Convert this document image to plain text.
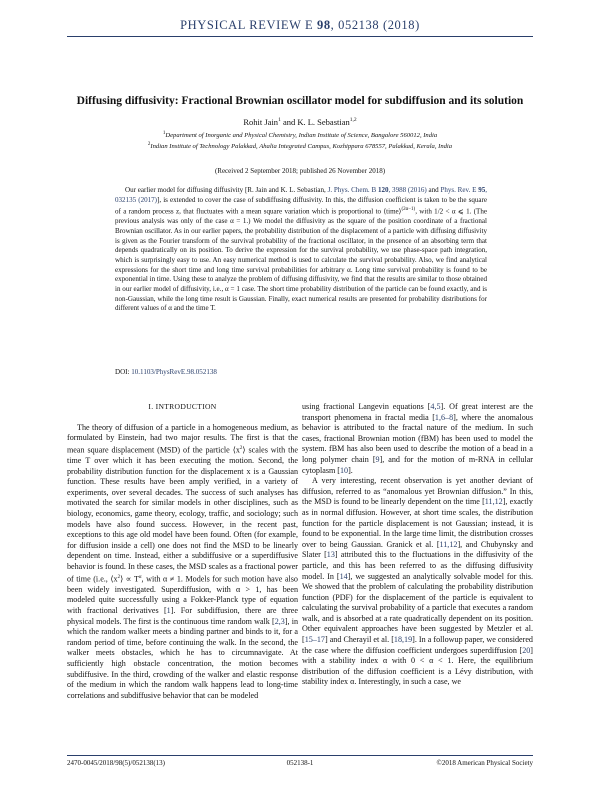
PHYSICAL REVIEW E 98, 052138 (2018)
Diffusing diffusivity: Fractional Brownian oscillator model for subdiffusion and its solution
Rohit Jain$^1$ and K. L. Sebastian$^{1,2}$
$^1$Department of Inorganic and Physical Chemistry, Indian Institute of Science, Bangalore 560012, India
$^2$Indian Institute of Technology Palakkad, Ahalia Integrated Campus, Kozhippara 678557, Palakkad, Kerala, India
(Received 2 September 2018; published 26 November 2018)

Our earlier model for diffusing diffusivity [R. Jain and K. L. Sebastian, J. Phys. Chem. B 120, 3988 (2016) and Phys. Rev. E 95, 032135 (2017)], is extended to cover the case of subdiffusing diffusivity. In this, the diffusion coefficient is taken to be the square of a random process z, that fluctuates with a mean square variation which is proportional to ⟨time⟩$^{(2\alpha-1)}$, with 1/2 < α ⩽ 1. (The previous analysis was only of the case α = 1.) We model the diffusivity as the square of the position coordinate of a fractional Brownian oscillator. As in our earlier papers, the probability distribution of the displacement of a particle with diffusing diffusivity is given as the Fourier transform of the survival probability of the fractional oscillator, in the presence of an absorbing term that depends quadratically on its position. To derive the expression for the survival probability, we use phase-space path integration, which is surprisingly easy to use. An easy numerical method is used to calculate the survival probability. Also, we find analytical expressions for the short time and long time survival probabilities for arbitrary α. Long time survival probability is found to be exponential in time. Using these to analyze the problem of diffusing diffusivity, we find that the results are similar to those obtained in our earlier model of diffusivity, i.e., α = 1 case. The short time probability distribution of the particle can be found exactly, and is non-Gaussian, while the long time result is Gaussian. Finally, exact numerical results are presented for probability distributions for different values of α and the time T.

DOI: 10.1103/PhysRevE.98.052138
I. INTRODUCTION

The theory of diffusion of a particle in a homogeneous medium, as formulated by Einstein, had two major results. The first is that the mean square displacement (MSD) of the particle $⟨x^2⟩$ scales with the time T over which it has been executing the motion. Second, the probability distribution function for the displacement x is a Gaussian function. These results have been amply verified, in a variety of experiments, over several decades. The success of such analyses has motivated the search for similar models in other disciplines, such as biology, economics, game theory, ecology, traffic, and sociology; such models have also found success. However, in the recent past, exceptions to this age old model have been found. Often (for example, for diffusion inside a cell) one does not find the MSD to be linearly dependent on time. Instead, either a subdiffusive or a superdiffusive behavior is found. In these cases, the MSD scales as a fractional power of time (i.e., $⟨x^2⟩ \propto T^\alpha$, with α ≠ 1. Models for such motion have also been widely investigated. Superdiffusion, with α > 1, has been modeled quite successfully using a Fokker-Planck type of equation with fractional derivatives [1]. For subdiffusion, there are three physical models. The first is the continuous time random walk [2,3], in which the random walker meets a binding partner and binds to it, for a random period of time, before continuing the walk. In the second, the walker meets obstacles, which he has to circumnavigate. At sufficiently high obstacle concentration, the motion becomes subdiffusive. In the third, crowding of the walker and elastic response of the medium in which the random walk happens lead to long-time correlations and subdiffusive behavior that can be modeled

using fractional Langevin equations [4,5]. Of great interest are the transport phenomena in fractal media [1,6–8], where the anomalous behavior is attributed to the fractal nature of the medium. In such cases, fractional Brownian motion (fBM) has been used to model the system. fBM has also been used to describe the motion of a bead in a long polymer chain [9], and for the motion of m-RNA in cellular cytoplasm [10].

A very interesting, recent observation is yet another deviant of diffusion, referred to as “anomalous yet Brownian diffusion.” In this, the MSD is found to be linearly dependent on the time [11,12], exactly as in normal diffusion. However, at short time scales, the distribution function for the particle displacement is not Gaussian; instead, it is found to be exponential. In the large time limit, the distribution crosses over to being Gaussian. Granick et al. [11,12], and Chubynsky and Slater [13] attributed this to the fluctuations in the diffusivity of the particle, and this has been referred to as the diffusing diffusivity model. In [14], we suggested an analytically solvable model for this. We showed that the problem of calculating the probability distribution function (PDF) for the displacement of the particle is equivalent to calculating the survival probability of a particle that executes a random walk, and is absorbed at a rate quadratically dependent on its position. Other equivalent approaches have been suggested by Metzler et al. [15–17] and Cherayil et al. [18,19]. In a followup paper, we considered the case where the diffusion coefficient undergoes superdiffusion [20] with a stability index α with 0 < α < 1. Here, the equilibrium distribution of the diffusion coefficient is a Lévy distribution, with stability index α. Interestingly, in such a case, we

2470-0045/2018/98(5)/052138(13)	052138-1	©2018 American Physical Society
